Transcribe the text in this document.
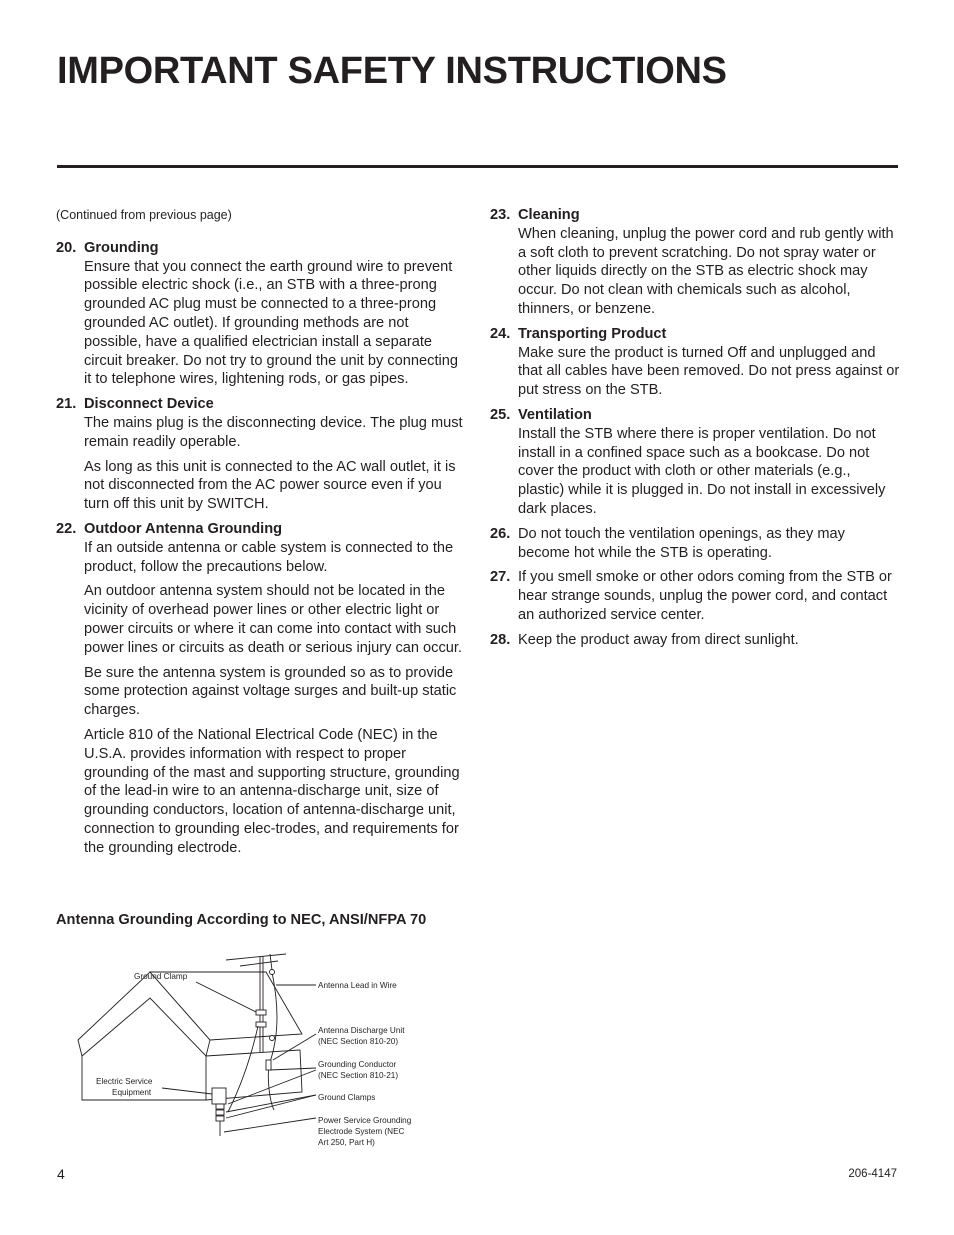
IMPORTANT SAFETY INSTRUCTIONS

(Continued from previous page)

20. Grounding

Ensure that you connect the earth ground wire to prevent possible electric shock (i.e., an STB with a three-prong grounded AC plug must be connected to a three-prong grounded AC outlet). If grounding methods are not possible, have a qualified electrician install a separate circuit breaker. Do not try to ground the unit by connecting it to telephone wires, lightening rods, or gas pipes.

21. Disconnect Device

The mains plug is the disconnecting device. The plug must remain readily operable.

As long as this unit is connected to the AC wall outlet, it is not disconnected from the AC power source even if you turn off this unit by SWITCH.

22. Outdoor Antenna Grounding

If an outside antenna or cable system is connected to the product, follow the precautions below.

An outdoor antenna system should not be located in the vicinity of overhead power lines or other electric light or power circuits or where it can come into contact with such power lines or circuits as death or serious injury can occur.

Be sure the antenna system is grounded so as to provide some protection against voltage surges and built-up static charges.

Article 810 of the National Electrical Code (NEC) in the U.S.A. provides information with respect to proper grounding of the mast and supporting structure, grounding of the lead-in wire to an antenna-discharge unit, size of grounding conductors, location of antenna-discharge unit, connection to grounding elec-trodes, and requirements for the grounding electrode.

23. Cleaning

When cleaning, unplug the power cord and rub gently with a soft cloth to prevent scratching. Do not spray water or other liquids directly on the STB as electric shock may occur. Do not clean with chemicals such as alcohol, thinners, or benzene.

24. Transporting Product

Make sure the product is turned Off and unplugged and that all cables have been removed. Do not press against or put stress on the STB.

25. Ventilation

Install the STB where there is proper ventilation. Do not install in a confined space such as a bookcase. Do not cover the product with cloth or other materials (e.g., plastic) while it is plugged in. Do not install in excessively dark places.

26. Do not touch the ventilation openings, as they may become hot while the STB is operating.

27. If you smell smoke or other odors coming from the STB or hear strange sounds, unplug the power cord, and contact an authorized service center.

28. Keep the product away from direct sunlight.

Antenna Grounding According to NEC, ANSI/NFPA 70
Ground Clamp
Antenna Lead in Wire
Antenna Discharge Unit
(NEC Section 810-20)
Grounding Conductor
(NEC Section 810-21)
Ground Clamps
Electric Service
Equipment
Power Service Grounding
Electrode System (NEC
Art 250, Part H)
4	206-4147
